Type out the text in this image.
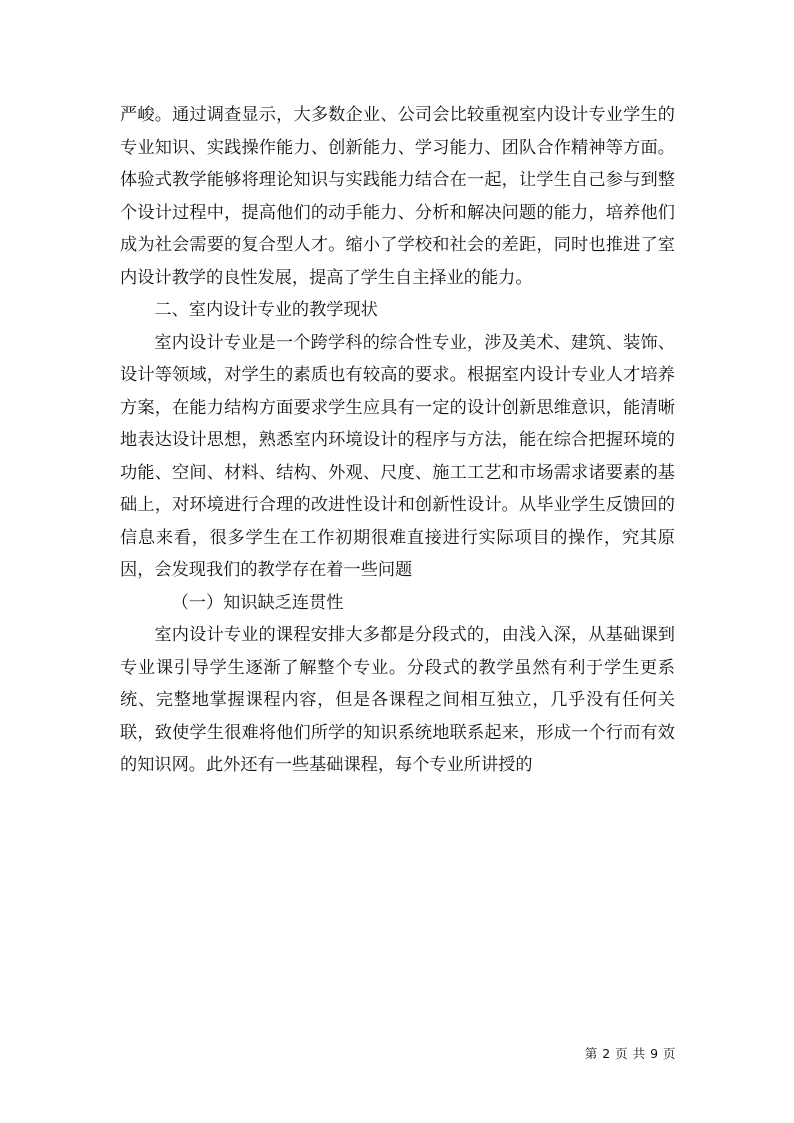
严峻。通过调查显示，大多数企业、公司会比较重视室内设计专业学生的专业知识、实践操作能力、创新能力、学习能力、团队合作精神等方面。体验式教学能够将理论知识与实践能力结合在一起，让学生自己参与到整个设计过程中，提高他们的动手能力、分析和解决问题的能力，培养他们成为社会需要的复合型人才。缩小了学校和社会的差距，同时也推进了室内设计教学的良性发展，提高了学生自主择业的能力。

二、室内设计专业的教学现状

室内设计专业是一个跨学科的综合性专业，涉及美术、建筑、装饰、设计等领域，对学生的素质也有较高的要求。根据室内设计专业人才培养方案，在能力结构方面要求学生应具有一定的设计创新思维意识，能清晰地表达设计思想，熟悉室内环境设计的程序与方法，能在综合把握环境的功能、空间、材料、结构、外观、尺度、施工工艺和市场需求诸要素的基础上，对环境进行合理的改进性设计和创新性设计。从毕业学生反馈回的信息来看，很多学生在工作初期很难直接进行实际项目的操作，究其原因，会发现我们的教学存在着一些问题

（一）知识缺乏连贯性

室内设计专业的课程安排大多都是分段式的，由浅入深，从基础课到专业课引导学生逐渐了解整个专业。分段式的教学虽然有利于学生更系统、完整地掌握课程内容，但是各课程之间相互独立，几乎没有任何关联，致使学生很难将他们所学的知识系统地联系起来，形成一个行而有效的知识网。此外还有一些基础课程，每个专业所讲授的

第 2 页 共 9 页
